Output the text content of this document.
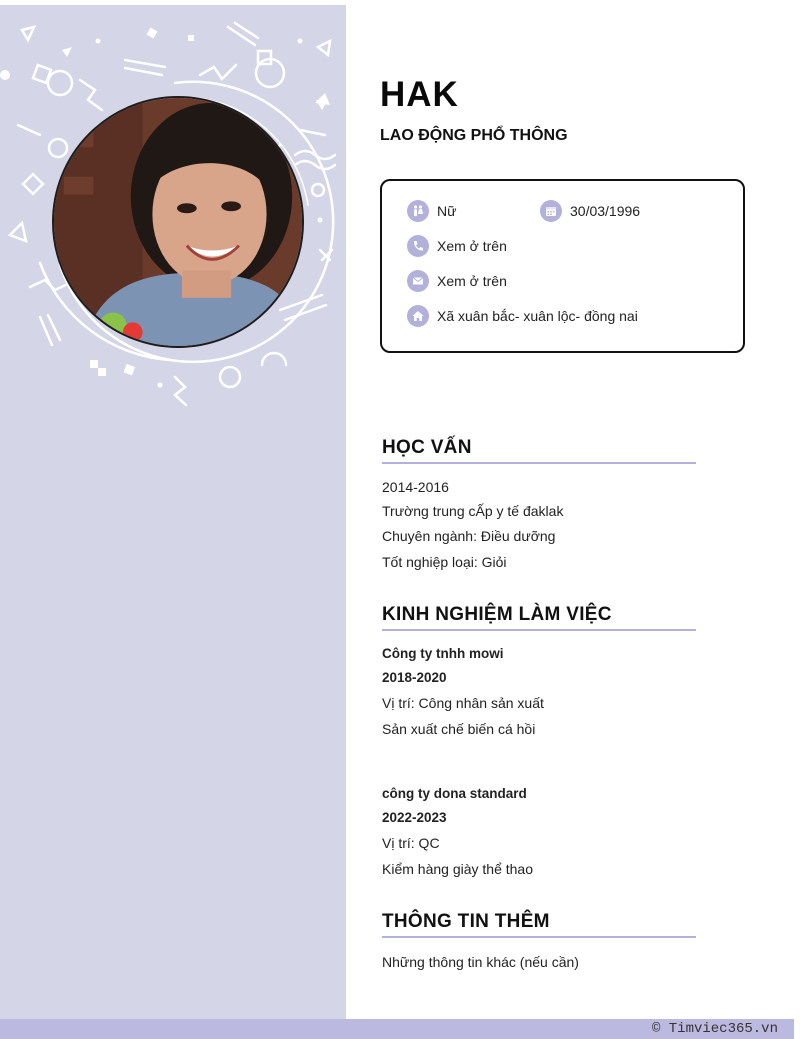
HAK
LAO ĐỘNG PHỔ THÔNG
Nữ	30/03/1996
Xem ở trên
Xem ở trên
Xã xuân bắc- xuân lộc- đồng nai
HỌC VẤN
2014-2016
Trường trung cẤp y tế đaklak
Chuyên ngành: Điều dưỡng
Tốt nghiệp loại: Giỏi
KINH NGHIỆM LÀM VIỆC
Công ty tnhh mowi
2018-2020
Vị trí: Công nhân sản xuất
Sản xuất chế biến cá hồi
công ty dona standard
2022-2023
Vị trí: QC
Kiểm hàng giày thể thao
THÔNG TIN THÊM
Những thông tin khác (nếu cần)
© Timviec365.vn
